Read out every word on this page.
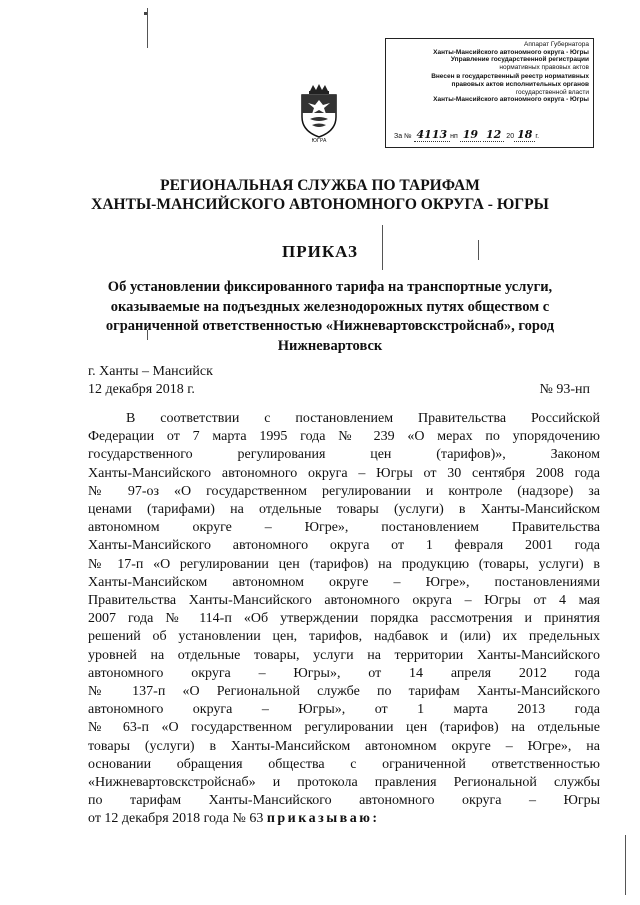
Аппарат Губернатора
Ханты-Мансийского автономного округа - Югры
Управление государственной регистрации
нормативных правовых актов
Внесен в государственный реестр нормативных
правовых актов исполнительных органов
государственной власти
Ханты-Мансийского автономного округа - Югры
За № 4113 нп 19 12 20 18 г.
ЮГРА
РЕГИОНАЛЬНАЯ СЛУЖБА ПО ТАРИФАМ
ХАНТЫ-МАНСИЙСКОГО АВТОНОМНОГО ОКРУГА - ЮГРЫ
ПРИКАЗ
Об установлении фиксированного тарифа на транспортные услуги, оказываемые на подъездных железнодорожных путях обществом с ограниченной ответственностью «Нижневартовскстройснаб», город Нижневартовск
г. Ханты – Мансийск
12 декабря 2018 г.	№ 93-нп
В соответствии с постановлением Правительства Российской
Федерации от 7 марта 1995 года № 239 «О мерах по упорядочению
государственного регулирования цен (тарифов)», Законом
Ханты-Мансийского автономного округа – Югры от 30 сентября 2008 года
№ 97-оз «О государственном регулировании и контроле (надзоре) за
ценами (тарифами) на отдельные товары (услуги) в Ханты-Мансийском
автономном округе – Югре», постановлением Правительства
Ханты-Мансийского автономного округа от 1 февраля 2001 года
№ 17-п «О регулировании цен (тарифов) на продукцию (товары, услуги) в
Ханты-Мансийском автономном округе – Югре», постановлениями
Правительства Ханты-Мансийского автономного округа – Югры от 4 мая
2007 года № 114-п «Об утверждении порядка рассмотрения и принятия
решений об установлении цен, тарифов, надбавок и (или) их предельных
уровней на отдельные товары, услуги на территории Ханты-Мансийского
автономного округа – Югры», от 14 апреля 2012 года
№ 137-п «О Региональной службе по тарифам Ханты-Мансийского
автономного округа – Югры», от 1 марта 2013 года
№ 63-п «О государственном регулировании цен (тарифов) на отдельные
товары (услуги) в Ханты-Мансийском автономном округе – Югре», на
основании обращения общества с ограниченной ответственностью
«Нижневартовскстройснаб» и протокола правления Региональной службы
по тарифам Ханты-Мансийского автономного округа – Югры
от 12 декабря 2018 года № 63 приказываю:
